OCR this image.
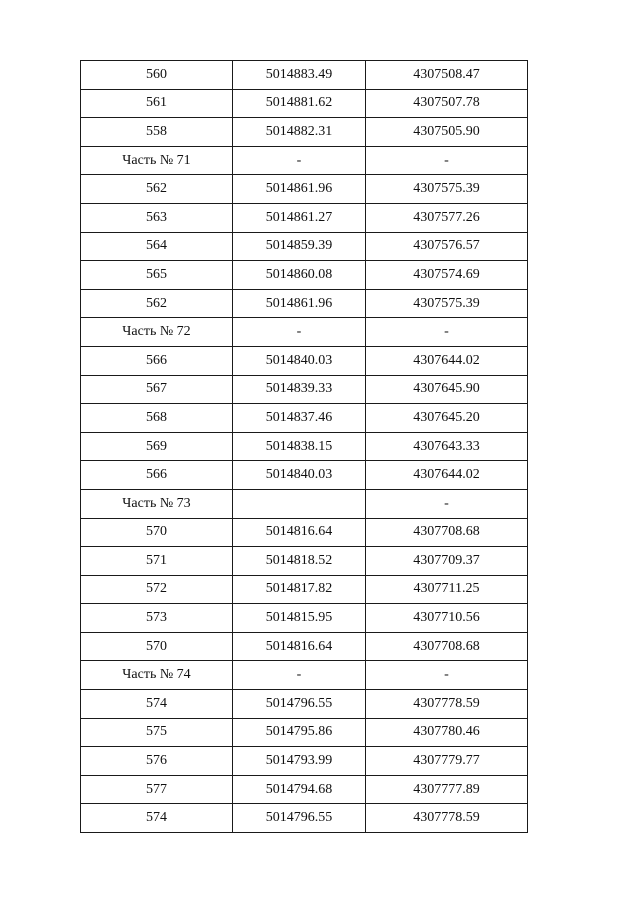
560	5014883.49	4307508.47
561	5014881.62	4307507.78
558	5014882.31	4307505.90
Часть № 71	-	-
562	5014861.96	4307575.39
563	5014861.27	4307577.26
564	5014859.39	4307576.57
565	5014860.08	4307574.69
562	5014861.96	4307575.39
Часть № 72	-	-
566	5014840.03	4307644.02
567	5014839.33	4307645.90
568	5014837.46	4307645.20
569	5014838.15	4307643.33
566	5014840.03	4307644.02
Часть № 73		-
570	5014816.64	4307708.68
571	5014818.52	4307709.37
572	5014817.82	4307711.25
573	5014815.95	4307710.56
570	5014816.64	4307708.68
Часть № 74	-	-
574	5014796.55	4307778.59
575	5014795.86	4307780.46
576	5014793.99	4307779.77
577	5014794.68	4307777.89
574	5014796.55	4307778.59
